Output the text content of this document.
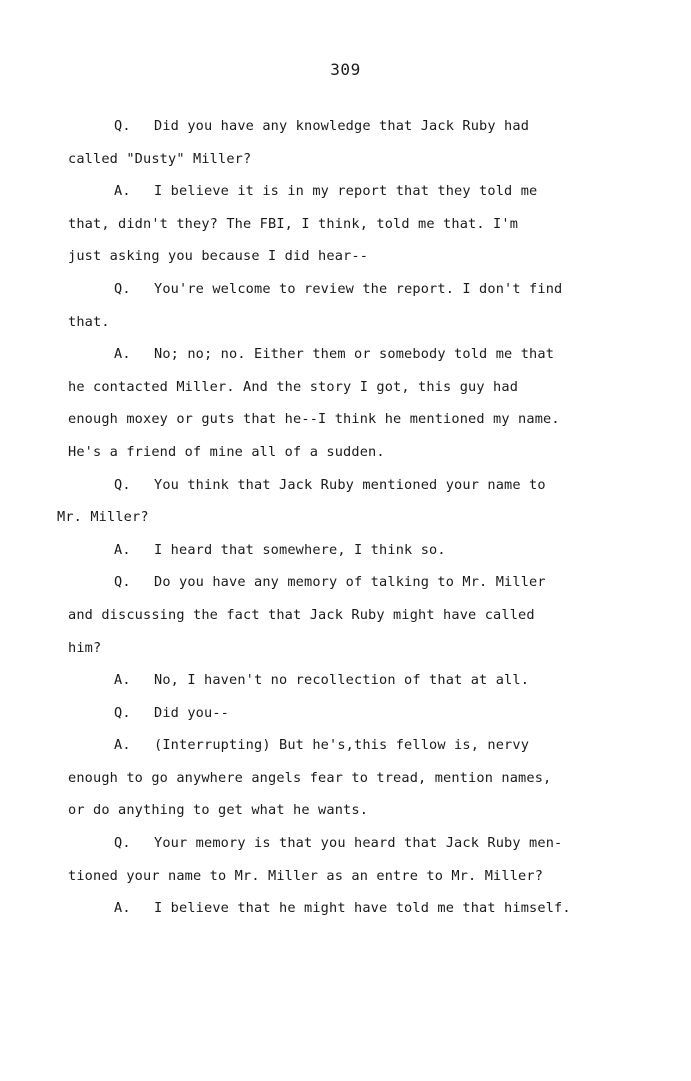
309
Q. Did you have any knowledge that Jack Ruby had
called "Dusty" Miller?
A. I believe it is in my report that they told me
that, didn't they? The FBI, I think, told me that. I'm
just asking you because I did hear--
Q. You're welcome to review the report. I don't find
that.
A. No; no; no. Either them or somebody told me that
he contacted Miller. And the story I got, this guy had
enough moxey or guts that he--I think he mentioned my name.
He's a friend of mine all of a sudden.
Q. You think that Jack Ruby mentioned your name to
Mr. Miller?
A. I heard that somewhere, I think so.
Q. Do you have any memory of talking to Mr. Miller
and discussing the fact that Jack Ruby might have called
him?
A. No, I haven't no recollection of that at all.
Q. Did you--
A. (Interrupting) But he's,this fellow is, nervy
enough to go anywhere angels fear to tread, mention names,
or do anything to get what he wants.
Q. Your memory is that you heard that Jack Ruby men-
tioned your name to Mr. Miller as an entre to Mr. Miller?
A. I believe that he might have told me that himself.
